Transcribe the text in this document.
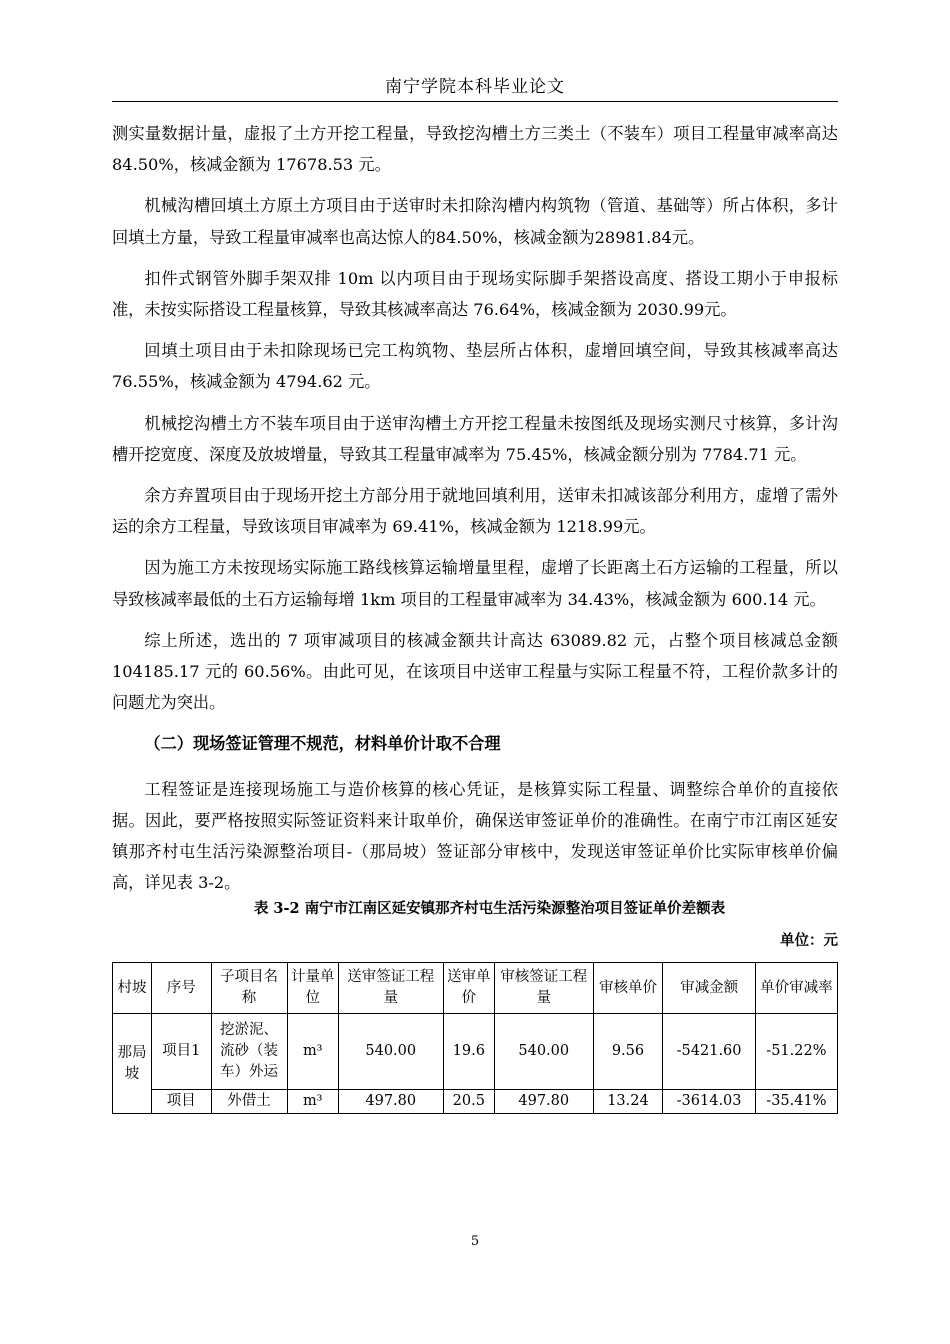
南宁学院本科毕业论文

测实量数据计量，虚报了土方开挖工程量，导致挖沟槽土方三类土（不装车）项目工程量审减率高达 84.50%，核减金额为 17678.53 元。

机械沟槽回填土方原土方项目由于送审时未扣除沟槽内构筑物（管道、基础等）所占体积，多计回填土方量，导致工程量审减率也高达惊人的84.50%，核减金额为28981.84元。

扣件式钢管外脚手架双排 10m 以内项目由于现场实际脚手架搭设高度、搭设工期小于申报标准，未按实际搭设工程量核算，导致其核减率高达 76.64%，核减金额为 2030.99元。

回填土项目由于未扣除现场已完工构筑物、垫层所占体积，虚增回填空间，导致其核减率高达 76.55%，核减金额为 4794.62 元。

机械挖沟槽土方不装车项目由于送审沟槽土方开挖工程量未按图纸及现场实测尺寸核算，多计沟槽开挖宽度、深度及放坡增量，导致其工程量审减率为 75.45%，核减金额分别为 7784.71 元。

余方弃置项目由于现场开挖土方部分用于就地回填利用，送审未扣减该部分利用方，虚增了需外运的余方工程量，导致该项目审减率为 69.41%，核减金额为 1218.99元。

因为施工方未按现场实际施工路线核算运输增量里程，虚增了长距离土石方运输的工程量，所以导致核减率最低的土石方运输每增 1km 项目的工程量审减率为 34.43%，核减金额为 600.14 元。

综上所述，选出的 7 项审减项目的核减金额共计高达 63089.82 元，占整个项目核减总金额 104185.17 元的 60.56%。由此可见，在该项目中送审工程量与实际工程量不符，工程价款多计的问题尤为突出。

（二）现场签证管理不规范，材料单价计取不合理

工程签证是连接现场施工与造价核算的核心凭证，是核算实际工程量、调整综合单价的直接依据。因此，要严格按照实际签证资料来计取单价，确保送审签证单价的准确性。在南宁市江南区延安镇那齐村屯生活污染源整治项目-（那局坡）签证部分审核中，发现送审签证单价比实际审核单价偏高，详见表 3-2。

表 3-2 南宁市江南区延安镇那齐村屯生活污染源整治项目签证单价差额表

单位：元

村坡	序号	子项目名称	计量单位	送审签证工程量	送审单价	审核签证工程量	审核单价	审减金额	单价审减率
那局坡	项目1	挖淤泥、流砂（装车）外运	m³	540.00	19.6	540.00	9.56	-5421.60	-51.22%
	项目	外借土	m³	497.80	20.5	497.80	13.24	-3614.03	-35.41%
5
